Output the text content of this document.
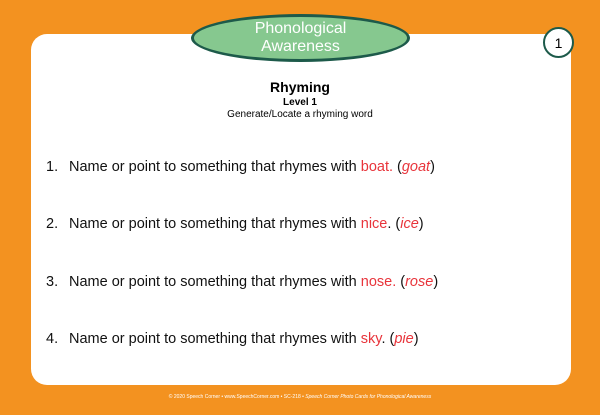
Phonological
Awareness	1
Rhyming
Level 1
Generate/Locate a rhyming word
1. Name or point to something that rhymes with boat. (goat)
2. Name or point to something that rhymes with nice. (ice)
3. Name or point to something that rhymes with nose. (rose)
4. Name or point to something that rhymes with sky. (pie)
© 2020 Speech Corner • www.SpeechCorner.com • SC-218 • Speech Corner Photo Cards for Phonological Awareness
